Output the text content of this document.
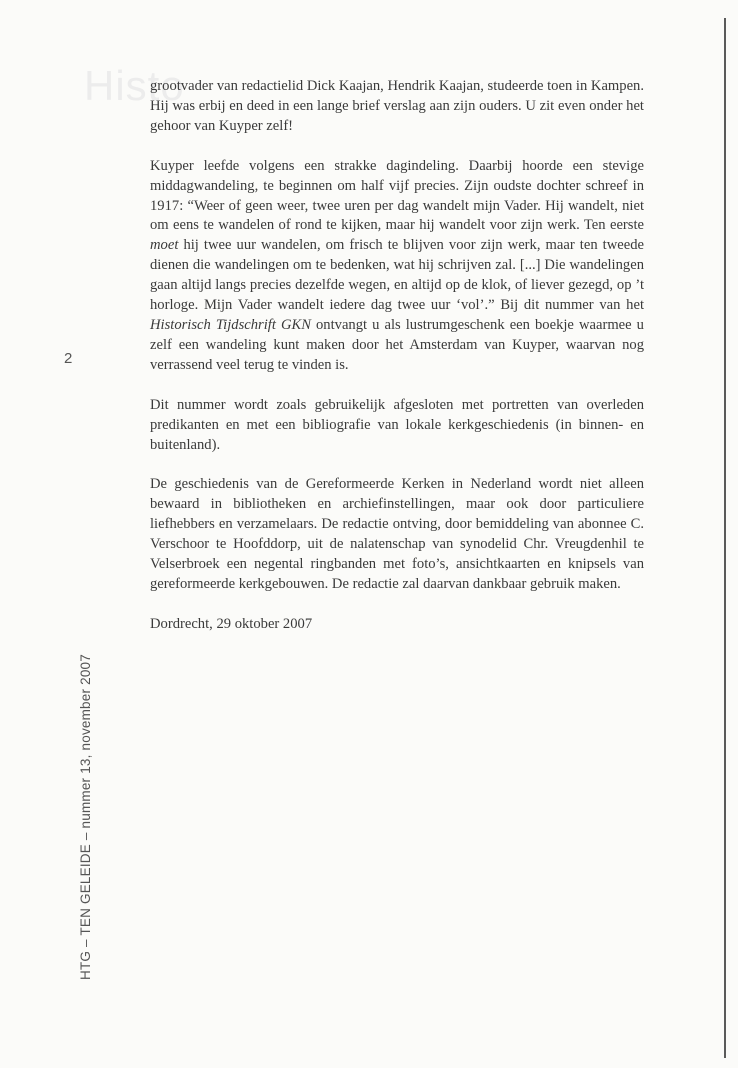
Histo
2
HTG – TEN GELEIDE – nummer 13, november 2007

grootvader van redactielid Dick Kaajan, Hendrik Kaajan, studeerde toen in Kampen. Hij was erbij en deed in een lange brief verslag aan zijn ouders. U zit even onder het gehoor van Kuyper zelf!

Kuyper leefde volgens een strakke dagindeling. Daarbij hoorde een stevige middagwandeling, te beginnen om half vijf precies. Zijn oudste dochter schreef in 1917: “Weer of geen weer, twee uren per dag wandelt mijn Vader. Hij wandelt, niet om eens te wandelen of rond te kijken, maar hij wandelt voor zijn werk. Ten eerste moet hij twee uur wandelen, om frisch te blijven voor zijn werk, maar ten tweede dienen die wandelingen om te bedenken, wat hij schrijven zal. [...] Die wandelingen gaan altijd langs precies dezelfde wegen, en altijd op de klok, of liever gezegd, op ’t horloge. Mijn Vader wandelt iedere dag twee uur ‘vol’.” Bij dit nummer van het Historisch Tijdschrift GKN ontvangt u als lustrumgeschenk een boekje waarmee u zelf een wandeling kunt maken door het Amsterdam van Kuyper, waarvan nog verrassend veel terug te vinden is.

Dit nummer wordt zoals gebruikelijk afgesloten met portretten van overleden predikanten en met een bibliografie van lokale kerkgeschiedenis (in binnen- en buitenland).

De geschiedenis van de Gereformeerde Kerken in Nederland wordt niet alleen bewaard in bibliotheken en archiefinstellingen, maar ook door particuliere liefhebbers en verzamelaars. De redactie ontving, door bemiddeling van abonnee C. Verschoor te Hoofddorp, uit de nalatenschap van synodelid Chr. Vreugdenhil te Velserbroek een negental ringbanden met foto’s, ansichtkaarten en knipsels van gereformeerde kerkgebouwen. De redactie zal daarvan dankbaar gebruik maken.

Dordrecht, 29 oktober 2007
